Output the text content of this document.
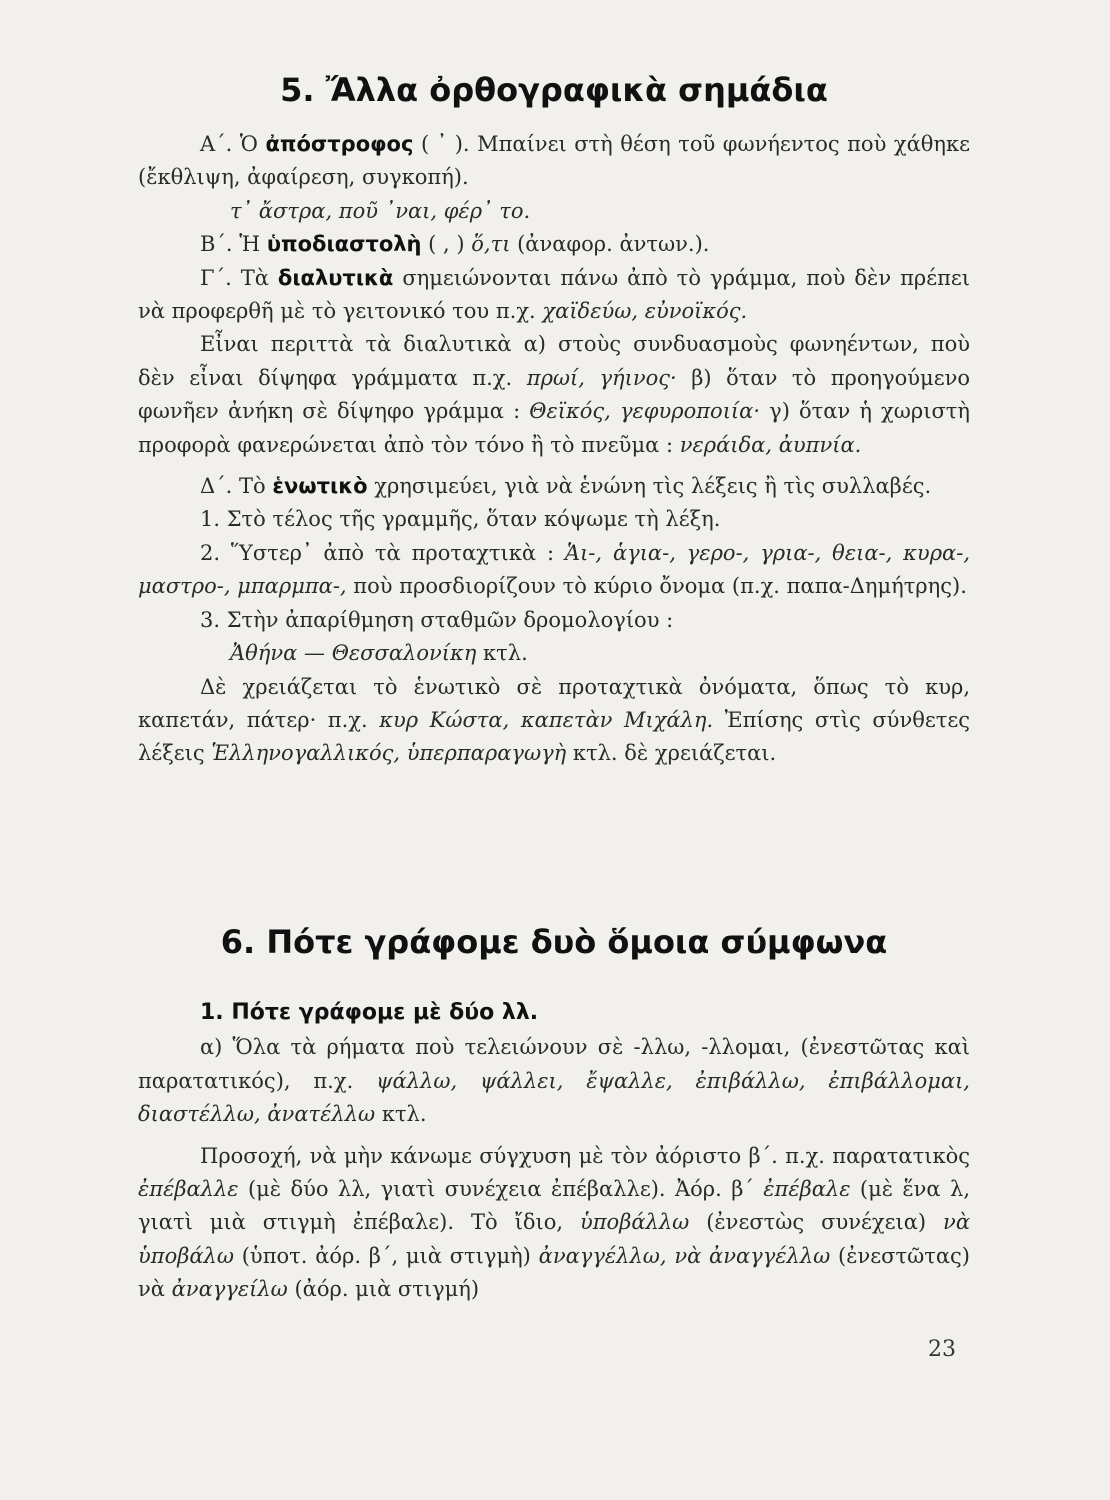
5. Ἄλλα ὀρθογραφικὰ σημάδια

Α΄. Ὁ ἀπόστροφος ( ᾿ ). Μπαίνει στὴ θέση τοῦ φωνήεντος ποὺ χάθηκε (ἔκθλιψη, ἀφαίρεση, συγκοπή).

τ᾿ ἄστρα, ποῦ ᾿ναι, φέρ᾿ το.

Β΄. Ἡ ὑποδιαστολὴ ( , ) ὅ,τι (ἀναφορ. ἀντων.).

Γ΄. Τὰ διαλυτικὰ σημειώνονται πάνω ἀπὸ τὸ γράμμα, ποὺ δὲν πρέπει νὰ προφερθῆ μὲ τὸ γειτονικό του π.χ. χαϊδεύω, εὐνοϊκός.

Εἶναι περιττὰ τὰ διαλυτικὰ α) στοὺς συνδυασμοὺς φωνηέντων, ποὺ δὲν εἶναι δίψηφα γράμματα π.χ. πρωί, γήινος· β) ὅταν τὸ προηγούμενο φωνῆεν ἀνήκη σὲ δίψηφο γράμμα : Θεϊκός, γεφυροποιία· γ) ὅταν ἡ χωριστὴ προφορὰ φανερώνεται ἀπὸ τὸν τόνο ἢ τὸ πνεῦμα : νεράιδα, ἀυπνία.

Δ΄. Τὸ ἑνωτικὸ χρησιμεύει, γιὰ νὰ ἑνώνη τὶς λέξεις ἢ τὶς συλλαβές.

1. Στὸ τέλος τῆς γραμμῆς, ὅταν κόψωμε τὴ λέξη.

2. Ὕστερ᾿ ἀπὸ τὰ προταχτικὰ : Ἁι-, ἁγια-, γερο-, γρια-, θεια-, κυρα-, μαστρο-, μπαρμπα-, ποὺ προσδιορίζουν τὸ κύριο ὄνομα (π.χ. παπα-Δημήτρης).

3. Στὴν ἀπαρίθμηση σταθμῶν δρομολογίου :

Ἀθήνα — Θεσσαλονίκη κτλ.

Δὲ χρειάζεται τὸ ἑνωτικὸ σὲ προταχτικὰ ὀνόματα, ὅπως τὸ κυρ, καπετάν, πάτερ· π.χ. κυρ Κώστα, καπετὰν Μιχάλη. Ἐπίσης στὶς σύνθετες λέξεις Ἑλληνογαλλικός, ὑπερπαραγωγὴ κτλ. δὲ χρειάζεται.

6. Πότε γράφομε δυὸ ὅμοια σύμφωνα

1. Πότε γράφομε μὲ δύο λλ.

α) Ὅλα τὰ ρήματα ποὺ τελειώνουν σὲ -λλω, -λλομαι, (ἐνεστῶτας καὶ παρατατικός), π.χ. ψάλλω, ψάλλει, ἔψαλλε, ἐπιβάλλω, ἐπιβάλλομαι, διαστέλλω, ἀνατέλλω κτλ.

Προσοχή, νὰ μὴν κάνωμε σύγχυση μὲ τὸν ἀόριστο β΄. π.χ. παρατατικὸς ἐπέβαλλε (μὲ δύο λλ, γιατὶ συνέχεια ἐπέβαλλε). Ἀόρ. β΄ ἐπέβαλε (μὲ ἕνα λ, γιατὶ μιὰ στιγμὴ ἐπέβαλε). Τὸ ἴδιο, ὑποβάλλω (ἐνεστὼς συνέχεια) νὰ ὑποβάλω (ὑποτ. ἀόρ. β΄, μιὰ στιγμὴ) ἀναγγέλλω, νὰ ἀναγγέλλω (ἐνεστῶτας) νὰ ἀναγγείλω (ἀόρ. μιὰ στιγμή)

23
